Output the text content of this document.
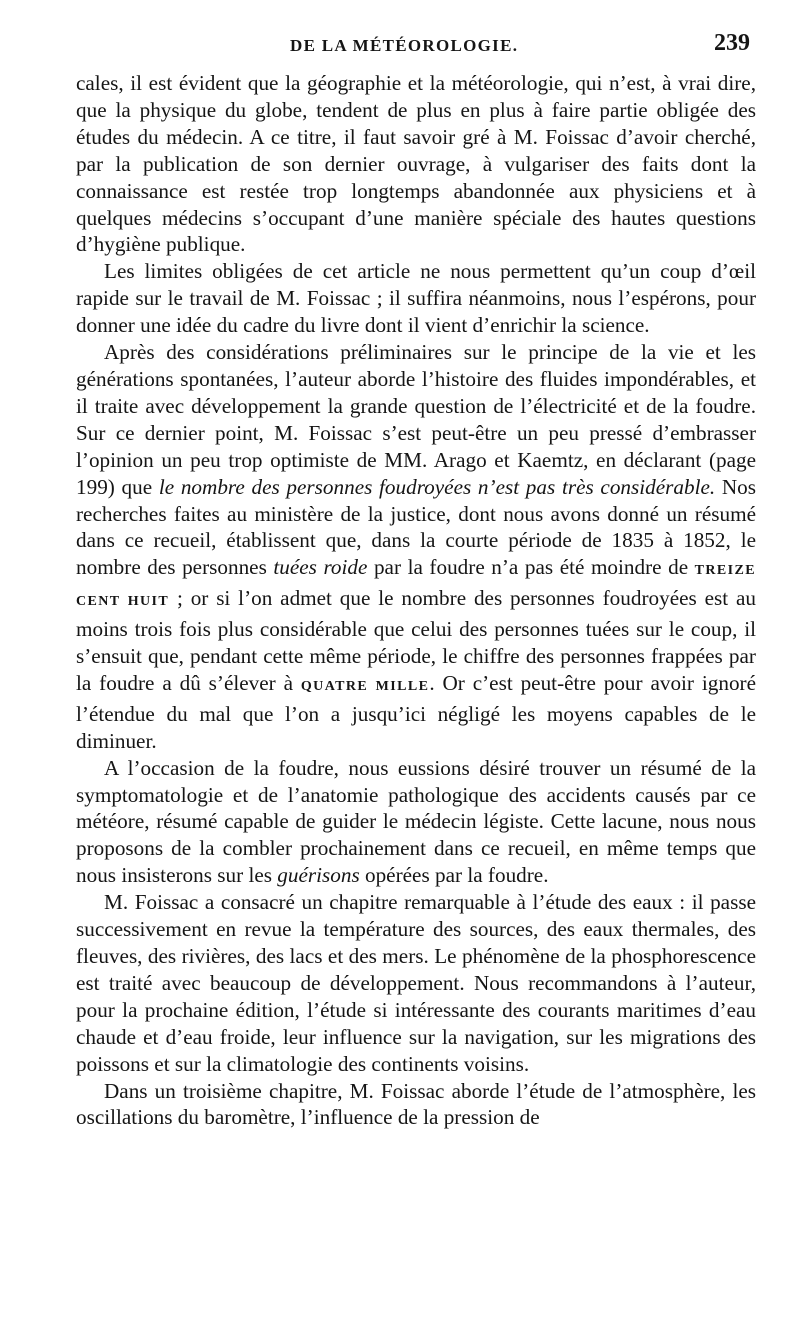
DE LA MÉTÉOROLOGIE.	239

cales, il est évident que la géographie et la météorologie, qui n’est, à vrai dire, que la physique du globe, tendent de plus en plus à faire partie obligée des études du médecin. A ce titre, il faut savoir gré à M. Foissac d’avoir cherché, par la publication de son dernier ouvrage, à vulgariser des faits dont la connaissance est restée trop longtemps abandonnée aux physiciens et à quelques médecins s’occupant d’une manière spéciale des hautes questions d’hygiène publique.

Les limites obligées de cet article ne nous permettent qu’un coup d’œil rapide sur le travail de M. Foissac ; il suffira néanmoins, nous l’espérons, pour donner une idée du cadre du livre dont il vient d’enrichir la science.

Après des considérations préliminaires sur le principe de la vie et les générations spontanées, l’auteur aborde l’histoire des fluides impondérables, et il traite avec développement la grande question de l’électricité et de la foudre. Sur ce dernier point, M. Foissac s’est peut-être un peu pressé d’embrasser l’opinion un peu trop optimiste de MM. Arago et Kaemtz, en déclarant (page 199) que le nombre des personnes foudroyées n’est pas très considérable. Nos recherches faites au ministère de la justice, dont nous avons donné un résumé dans ce recueil, établissent que, dans la courte période de 1835 à 1852, le nombre des personnes tuées roide par la foudre n’a pas été moindre de TREIZE CENT HUIT ; or si l’on admet que le nombre des personnes foudroyées est au moins trois fois plus considérable que celui des personnes tuées sur le coup, il s’ensuit que, pendant cette même période, le chiffre des personnes frappées par la foudre a dû s’élever à QUATRE MILLE. Or c’est peut-être pour avoir ignoré l’étendue du mal que l’on a jusqu’ici négligé les moyens capables de le diminuer.

A l’occasion de la foudre, nous eussions désiré trouver un résumé de la symptomatologie et de l’anatomie pathologique des accidents causés par ce météore, résumé capable de guider le médecin légiste. Cette lacune, nous nous proposons de la combler prochainement dans ce recueil, en même temps que nous insisterons sur les guérisons opérées par la foudre.

M. Foissac a consacré un chapitre remarquable à l’étude des eaux : il passe successivement en revue la température des sources, des eaux thermales, des fleuves, des rivières, des lacs et des mers. Le phénomène de la phosphorescence est traité avec beaucoup de développement. Nous recommandons à l’auteur, pour la prochaine édition, l’étude si intéressante des courants maritimes d’eau chaude et d’eau froide, leur influence sur la navigation, sur les migrations des poissons et sur la climatologie des continents voisins.

Dans un troisième chapitre, M. Foissac aborde l’étude de l’atmosphère, les oscillations du baromètre, l’influence de la pression de
